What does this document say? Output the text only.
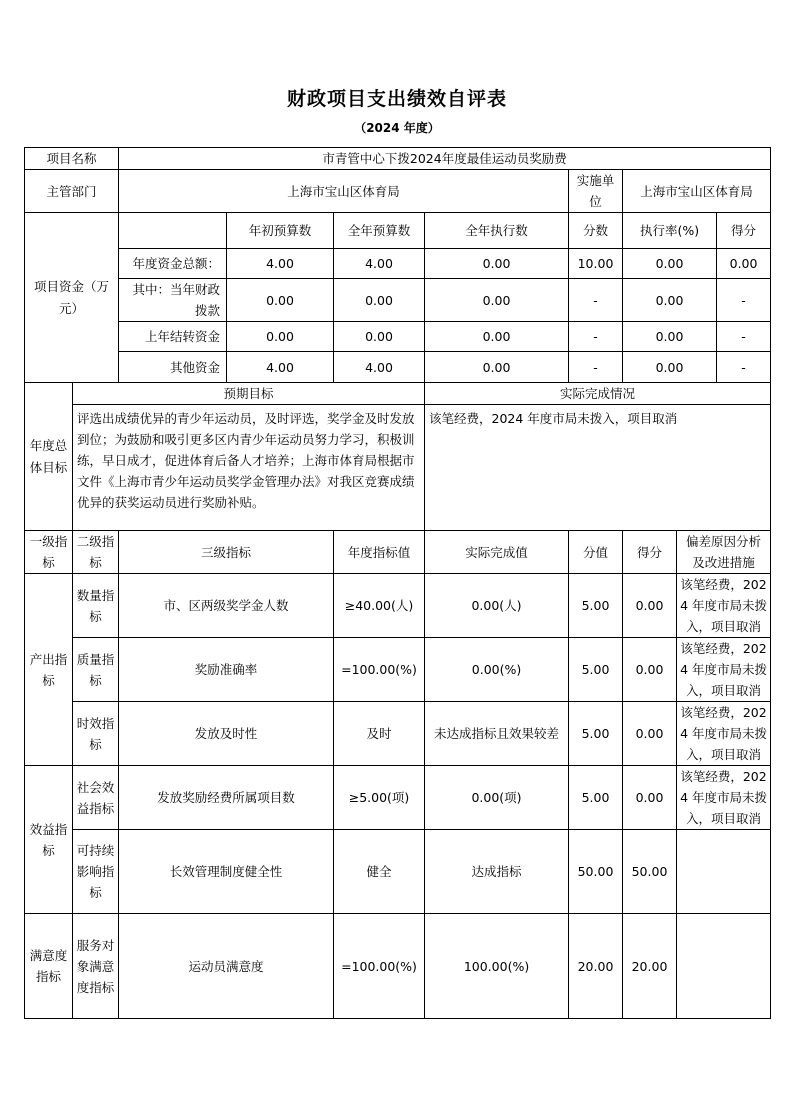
财政项目支出绩效自评表
（2024 年度）
项目名称		市青管中心下拨2024年度最佳运动员奖励费							
主管部门		上海市宝山区体育局				实施单位	上海市宝山区体育局		
项目资金（万元）			年初预算数	全年预算数	全年执行数	分数	执行率(%)		得分
		年度资金总额：	4.00	4.00	0.00	10.00	0.00		0.00
		其中：当年财政拨款	0.00	0.00	0.00	-	0.00		-
		上年结转资金	0.00	0.00	0.00	-	0.00		-
		其他资金	4.00	4.00	0.00	-	0.00		-
年度总体目标	预期目标				实际完成情况				
	评选出成绩优异的青少年运动员，及时评选，奖学金及时发放到位；为鼓励和吸引更多区内青少年运动员努力学习，积极训练，早日成才，促进体育后备人才培养；上海市体育局根据市文件《上海市青少年运动员奖学金管理办法》对我区竞赛成绩优异的获奖运动员进行奖励补贴。				该笔经费，2024 年度市局未拨入，项目取消				
一级指标	二级指标	三级指标		年度指标值	实际完成值	分值	得分	偏差原因分析及改进措施	
产出指标	数量指标	市、区两级奖学金人数		≥40.00(人)	0.00(人)	5.00	0.00	该笔经费，2024 年度市局未拨入，项目取消	
	质量指标	奖励准确率		=100.00(%)	0.00(%)	5.00	0.00	该笔经费，2024 年度市局未拨入，项目取消	
	时效指标	发放及时性		及时	未达成指标且效果较差	5.00	0.00	该笔经费，2024 年度市局未拨入，项目取消	
效益指标	社会效益指标	发放奖励经费所属项目数		≥5.00(项)	0.00(项)	5.00	0.00	该笔经费，2024 年度市局未拨入，项目取消	
	可持续影响指标	长效管理制度健全性		健全	达成指标	50.00	50.00		
满意度指标	服务对象满意度指标	运动员满意度		=100.00(%)	100.00(%)	20.00	20.00		
